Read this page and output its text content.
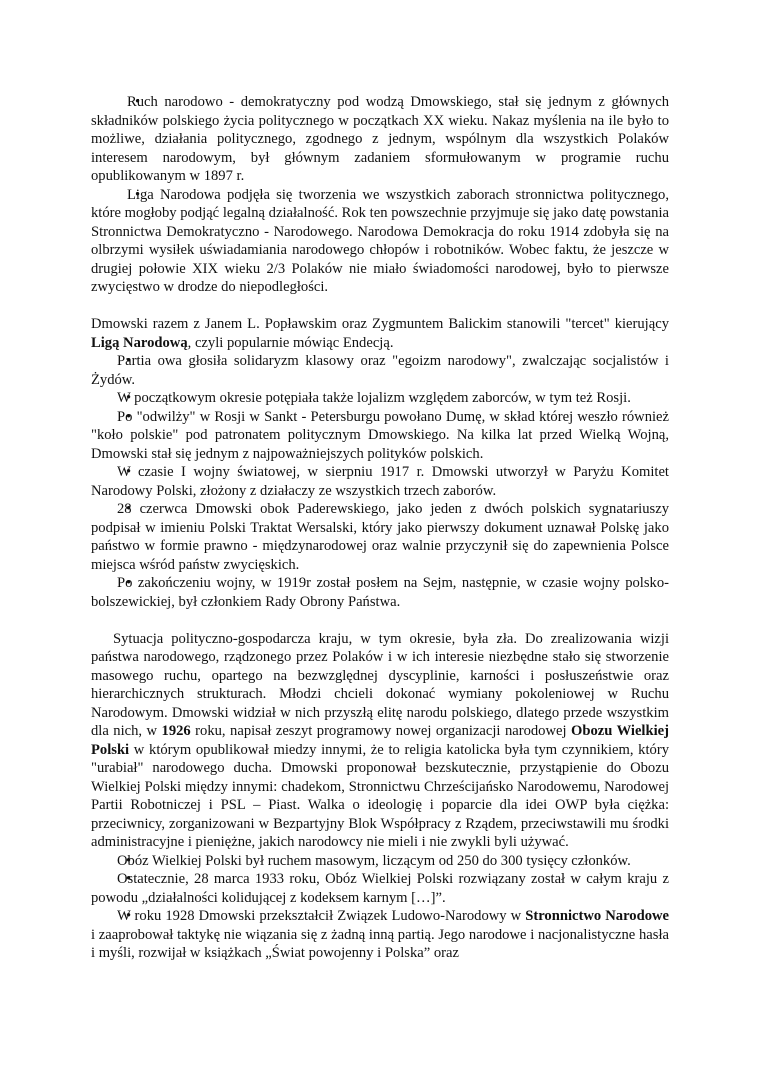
• Ruch narodowo - demokratyczny pod wodzą Dmowskiego, stał się jednym z głównych składników polskiego życia politycznego w początkach XX wieku. Nakaz myślenia na ile było to możliwe, działania politycznego, zgodnego z jednym, wspólnym dla wszystkich Polaków interesem narodowym, był głównym zadaniem sformułowanym w programie ruchu opublikowanym w 1897 r.

• Liga Narodowa podjęła się tworzenia we wszystkich zaborach stronnictwa politycznego, które mogłoby podjąć legalną działalność. Rok ten powszechnie przyjmuje się jako datę powstania Stronnictwa Demokratyczno - Narodowego. Narodowa Demokracja do roku 1914 zdobyła się na olbrzymi wysiłek uświadamiania narodowego chłopów i robotników. Wobec faktu, że jeszcze w drugiej połowie XIX wieku 2/3 Polaków nie miało świadomości narodowej, było to pierwsze zwycięstwo w drodze do niepodległości.

Dmowski razem z Janem L. Popławskim oraz Zygmuntem Balickim stanowili "tercet" kierujący Ligą Narodową, czyli popularnie mówiąc Endecją.

• Partia owa głosiła solidaryzm klasowy oraz "egoizm narodowy", zwalczając socjalistów i Żydów.

• W początkowym okresie potępiała także lojalizm względem zaborców, w tym też Rosji.

• Po "odwilży" w Rosji w Sankt - Petersburgu powołano Dumę, w skład której weszło również "koło polskie" pod patronatem politycznym Dmowskiego. Na kilka lat przed Wielką Wojną, Dmowski stał się jednym z najpoważniejszych polityków polskich.

• W czasie I wojny światowej, w sierpniu 1917 r. Dmowski utworzył w Paryżu Komitet Narodowy Polski, złożony z działaczy ze wszystkich trzech zaborów.

• 28 czerwca Dmowski obok Paderewskiego, jako jeden z dwóch polskich sygnatariuszy podpisał w imieniu Polski Traktat Wersalski, który jako pierwszy dokument uznawał Polskę jako państwo w formie prawno - międzynarodowej oraz walnie przyczynił się do zapewnienia Polsce miejsca wśród państw zwycięskich.

• Po zakończeniu wojny, w 1919r został posłem na Sejm, następnie, w czasie wojny polsko-bolszewickiej, był członkiem Rady Obrony Państwa.

Sytuacja polityczno-gospodarcza kraju, w tym okresie, była zła. Do zrealizowania wizji państwa narodowego, rządzonego przez Polaków i w ich interesie niezbędne stało się stworzenie masowego ruchu, opartego na bezwzględnej dyscyplinie, karności i posłuszeństwie oraz hierarchicznych strukturach. Młodzi chcieli dokonać wymiany pokoleniowej w Ruchu Narodowym. Dmowski widział w nich przyszłą elitę narodu polskiego, dlatego przede wszystkim dla nich, w 1926 roku, napisał zeszyt programowy nowej organizacji narodowej Obozu Wielkiej Polski w którym opublikował miedzy innymi, że to religia katolicka była tym czynnikiem, który "urabiał" narodowego ducha. Dmowski proponował bezskutecznie, przystąpienie do Obozu Wielkiej Polski między innymi: chadekom, Stronnictwu Chrześcijańsko Narodowemu, Narodowej Partii Robotniczej i PSL – Piast. Walka o ideologię i poparcie dla idei OWP była ciężka: przeciwnicy, zorganizowani w Bezpartyjny Blok Współpracy z Rządem, przeciwstawili mu środki administracyjne i pieniężne, jakich narodowcy nie mieli i nie zwykli byli używać.

• Obóz Wielkiej Polski był ruchem masowym, liczącym od 250 do 300 tysięcy członków.

• Ostatecznie, 28 marca 1933 roku, Obóz Wielkiej Polski rozwiązany został w całym kraju z powodu „działalności kolidującej z kodeksem karnym […]”.

• W roku 1928 Dmowski przekształcił Związek Ludowo-Narodowy w Stronnictwo Narodowe i zaaprobował taktykę nie wiązania się z żadną inną partią. Jego narodowe i nacjonalistyczne hasła i myśli, rozwijał w książkach „Świat powojenny i Polska” oraz
